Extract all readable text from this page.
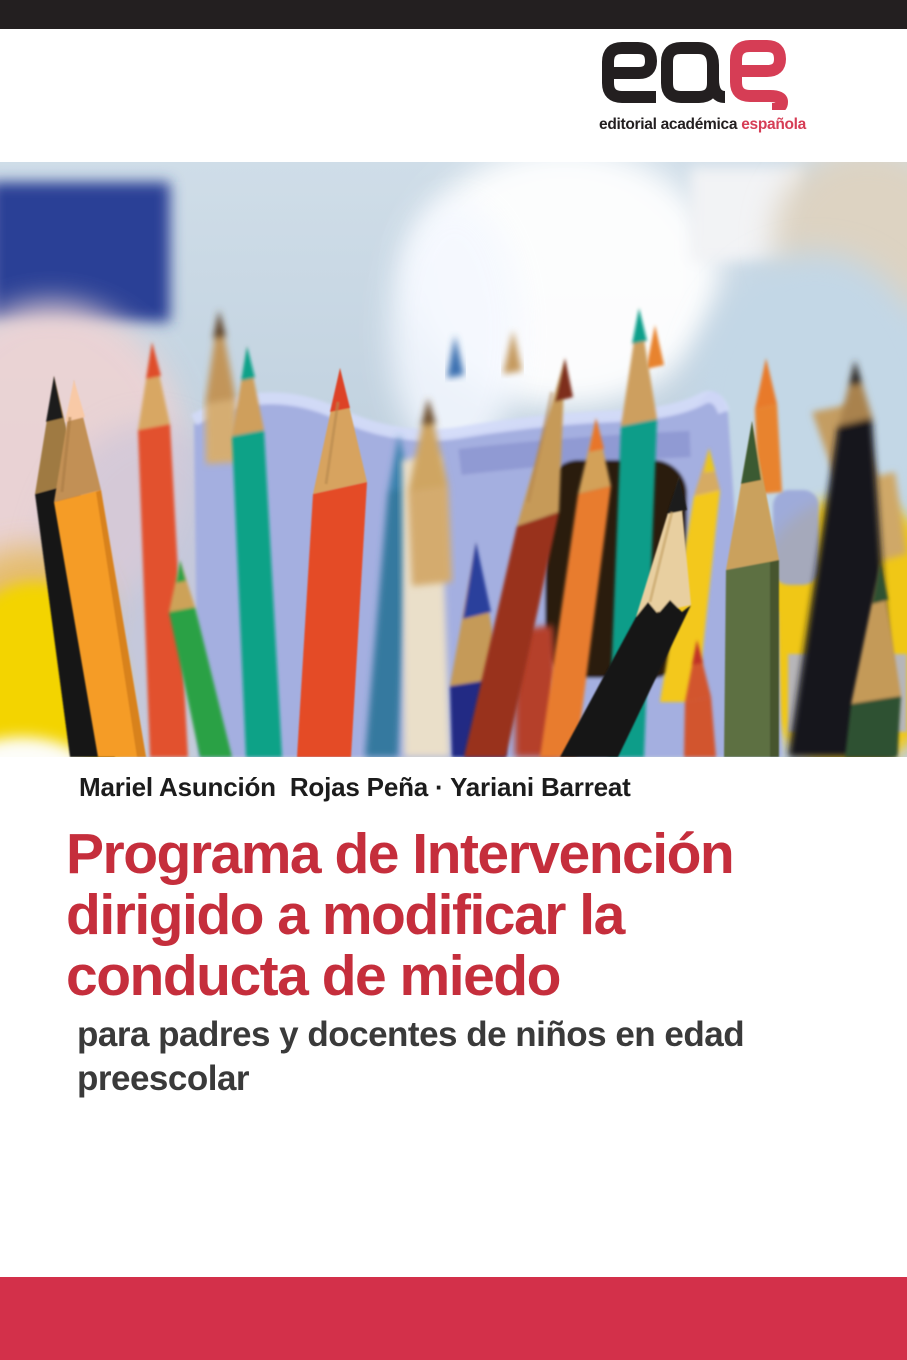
editorial académica española
Mariel Asunción Rojas Peña · Yariani Barreat
Programa de Intervención
dirigido a modificar la
conducta de miedo
para padres y docentes de niños en edad
preescolar
